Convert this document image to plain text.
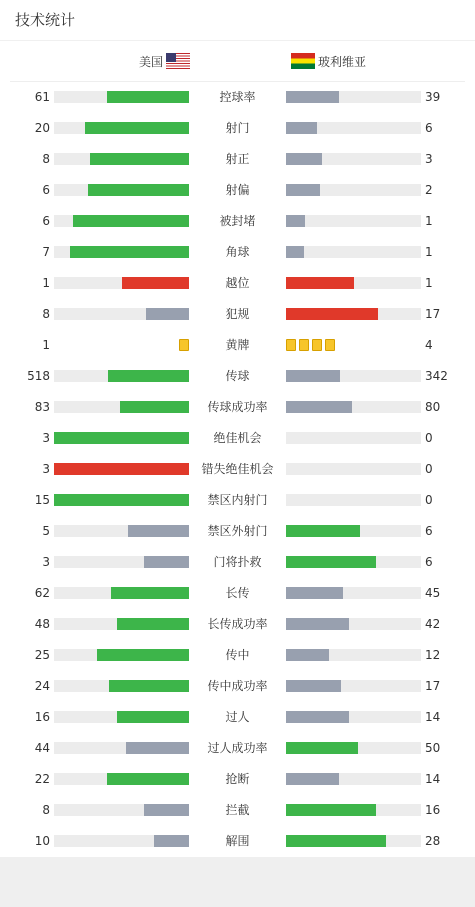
技术统计
美国	玻利维亚
61	控球率	39
20	射门	6
8	射正	3
6	射偏	2
6	被封堵	1
7	角球	1
1	越位	1
8	犯规	17
1	黄牌	4
518	传球	342
83	传球成功率	80
3	绝佳机会	0
3	错失绝佳机会	0
15	禁区内射门	0
5	禁区外射门	6
3	门将扑救	6
62	长传	45
48	长传成功率	42
25	传中	12
24	传中成功率	17
16	过人	14
44	过人成功率	50
22	抢断	14
8	拦截	16
10	解围	28
